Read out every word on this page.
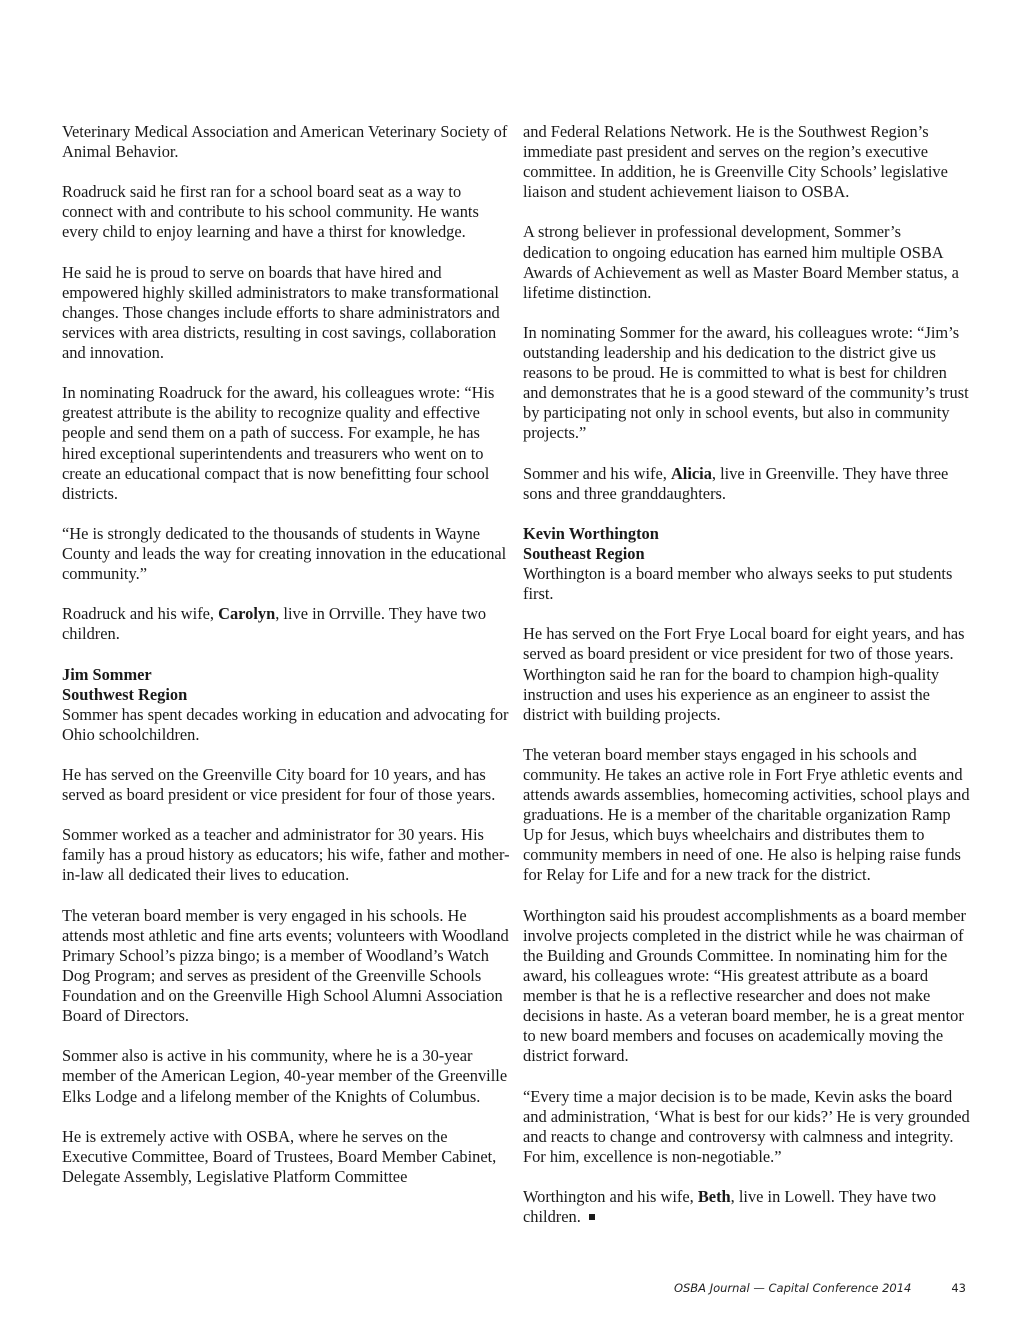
Veterinary Medical Association and American Veterinary Society of Animal Behavior.

Roadruck said he first ran for a school board seat as a way to connect with and contribute to his school community. He wants every child to enjoy learning and have a thirst for knowledge.

He said he is proud to serve on boards that have hired and empowered highly skilled administrators to make transformational changes. Those changes include efforts to share administrators and services with area districts, resulting in cost savings, collaboration and innovation.

In nominating Roadruck for the award, his colleagues wrote: “His greatest attribute is the ability to recognize quality and effective people and send them on a path of success. For example, he has hired exceptional superintendents and treasurers who went on to create an educational compact that is now benefitting four school districts.

“He is strongly dedicated to the thousands of students in Wayne County and leads the way for creating innovation in the educational community.”

Roadruck and his wife, Carolyn, live in Orrville. They have two children.

Jim Sommer
Southwest Region

Sommer has spent decades working in education and advocating for Ohio schoolchildren.

He has served on the Greenville City board for 10 years, and has served as board president or vice president for four of those years.

Sommer worked as a teacher and administrator for 30 years. His family has a proud history as educators; his wife, father and mother-in-law all dedicated their lives to education.

The veteran board member is very engaged in his schools. He attends most athletic and fine arts events; volunteers with Woodland Primary School’s pizza bingo; is a member of Woodland’s Watch Dog Program; and serves as president of the Greenville Schools Foundation and on the Greenville High School Alumni Association Board of Directors.

Sommer also is active in his community, where he is a 30-year member of the American Legion, 40-year member of the Greenville Elks Lodge and a lifelong member of the Knights of Columbus.

He is extremely active with OSBA, where he serves on the Executive Committee, Board of Trustees, Board Member Cabinet, Delegate Assembly, Legislative Platform Committee

and Federal Relations Network. He is the Southwest Region’s immediate past president and serves on the region’s executive committee. In addition, he is Greenville City Schools’ legislative liaison and student achievement liaison to OSBA.

A strong believer in professional development, Sommer’s dedication to ongoing education has earned him multiple OSBA Awards of Achievement as well as Master Board Member status, a lifetime distinction.

In nominating Sommer for the award, his colleagues wrote: “Jim’s outstanding leadership and his dedication to the district give us reasons to be proud. He is committed to what is best for children and demonstrates that he is a good steward of the community’s trust by participating not only in school events, but also in community projects.”

Sommer and his wife, Alicia, live in Greenville. They have three sons and three granddaughters.

Kevin Worthington
Southeast Region

Worthington is a board member who always seeks to put students first.

He has served on the Fort Frye Local board for eight years, and has served as board president or vice president for two of those years. Worthington said he ran for the board to champion high-quality instruction and uses his experience as an engineer to assist the district with building projects.

The veteran board member stays engaged in his schools and community. He takes an active role in Fort Frye athletic events and attends awards assemblies, homecoming activities, school plays and graduations. He is a member of the charitable organization Ramp Up for Jesus, which buys wheelchairs and distributes them to community members in need of one. He also is helping raise funds for Relay for Life and for a new track for the district.

Worthington said his proudest accomplishments as a board member involve projects completed in the district while he was chairman of the Building and Grounds Committee. In nominating him for the award, his colleagues wrote: “His greatest attribute as a board member is that he is a reflective researcher and does not make decisions in haste. As a veteran board member, he is a great mentor to new board members and focuses on academically moving the district forward.

“Every time a major decision is to be made, Kevin asks the board and administration, ‘What is best for our kids?’ He is very grounded and reacts to change and controversy with calmness and integrity. For him, excellence is non-negotiable.”

Worthington and his wife, Beth, live in Lowell. They have two children.

OSBA Journal — Capital Conference 2014	43
